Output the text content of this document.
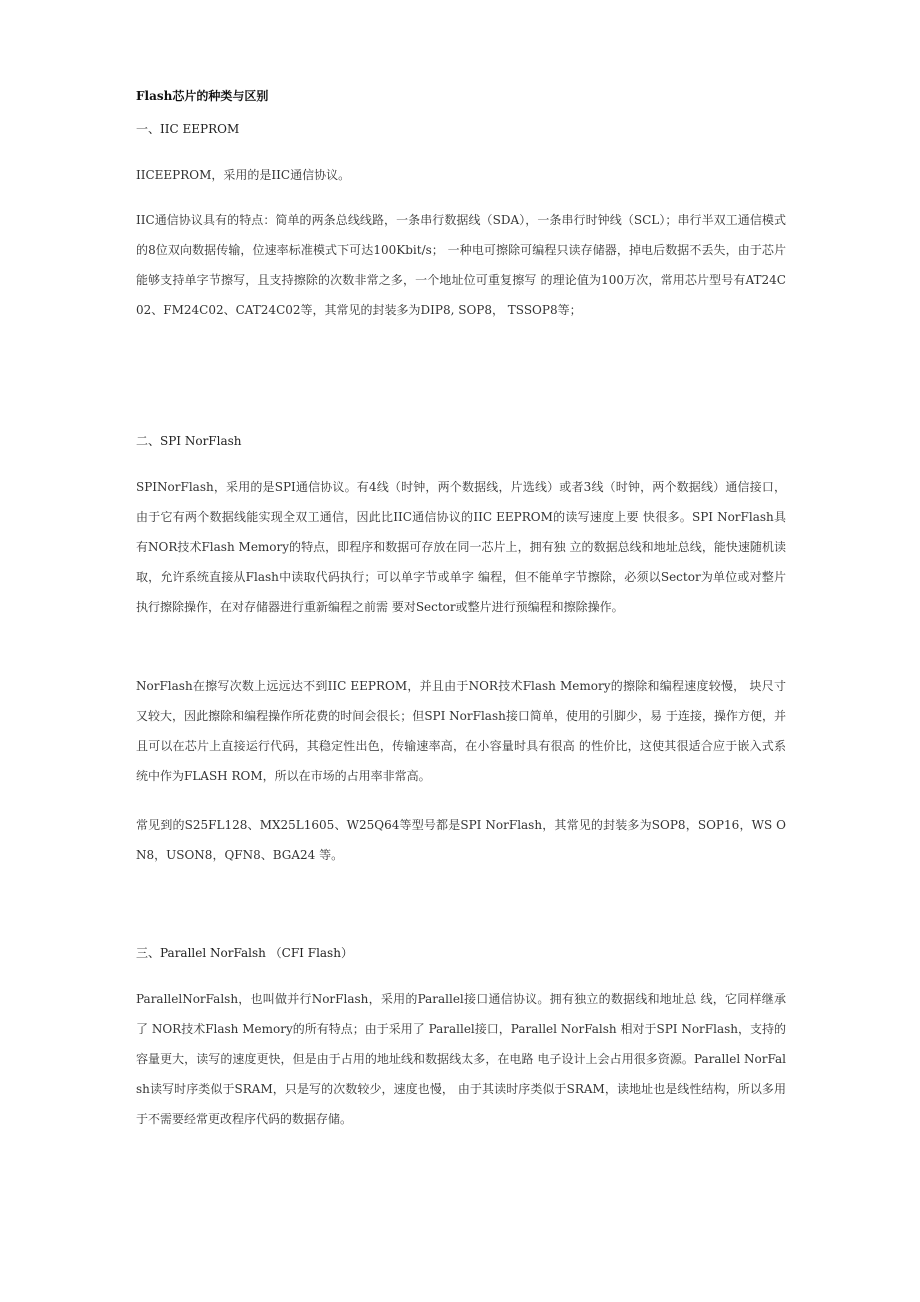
Flash芯片的种类与区别
一、IIC EEPROM
IICEEPROM，采用的是IIC通信协议。
IIC通信协议具有的特点：简单的两条总线线路，一条串行数据线（SDA），一条串行时钟线（SCL）；串行半双工通信模式的8位双向数据传输，位速率标准模式下可达100Kbit/s； 一种电可擦除可编程只读存储器，掉电后数据不丢失，由于芯片能够支持单字节擦写，且支持擦除的次数非常之多，一个地址位可重复擦写 的理论值为100万次，常用芯片型号有AT24C02、FM24C02、CAT24C02等，其常见的封装多为DIP8, SOP8， TSSOP8等；
二、SPI NorFlash
SPINorFlash，采用的是SPI通信协议。有4线（时钟，两个数据线，片选线）或者3线（时钟，两个数据线）通信接口，由于它有两个数据线能实现全双工通信，因此比IIC通信协议的IIC EEPROM的读写速度上要 快很多。SPI NorFlash具有NOR技术Flash Memory的特点，即程序和数据可存放在同一芯片上，拥有独 立的数据总线和地址总线，能快速随机读取，允许系统直接从Flash中读取代码执行；可以单字节或单字 编程，但不能单字节擦除，必须以Sector为单位或对整片执行擦除操作，在对存储器进行重新编程之前需 要对Sector或整片进行预编程和擦除操作。
NorFlash在擦写次数上远远达不到IIC EEPROM，并且由于NOR技术Flash Memory的擦除和编程速度较慢， 块尺寸又较大，因此擦除和编程操作所花费的时间会很长；但SPI NorFlash接口简单，使用的引脚少，易 于连接，操作方便，并且可以在芯片上直接运行代码，其稳定性出色，传输速率高，在小容量时具有很高 的性价比，这使其很适合应于嵌入式系统中作为FLASH ROM，所以在市场的占用率非常高。
常见到的S25FL128、MX25L1605、W25Q64等型号都是SPI NorFlash，其常见的封装多为SOP8，SOP16，WS ON8，USON8，QFN8、BGA24 等。
三、Parallel NorFalsh （CFI Flash）
ParallelNorFalsh，也叫做并行NorFlash，采用的Parallel接口通信协议。拥有独立的数据线和地址总 线，它同样继承了 NOR技术Flash Memory的所有特点；由于采用了 Parallel接口，Parallel NorFalsh 相对于SPI NorFlash，支持的容量更大，读写的速度更快，但是由于占用的地址线和数据线太多，在电路 电子设计上会占用很多资源。Parallel NorFalsh读写时序类似于SRAM，只是写的次数较少，速度也慢， 由于其读时序类似于SRAM，读地址也是线性结构，所以多用于不需要经常更改程序代码的数据存储。
